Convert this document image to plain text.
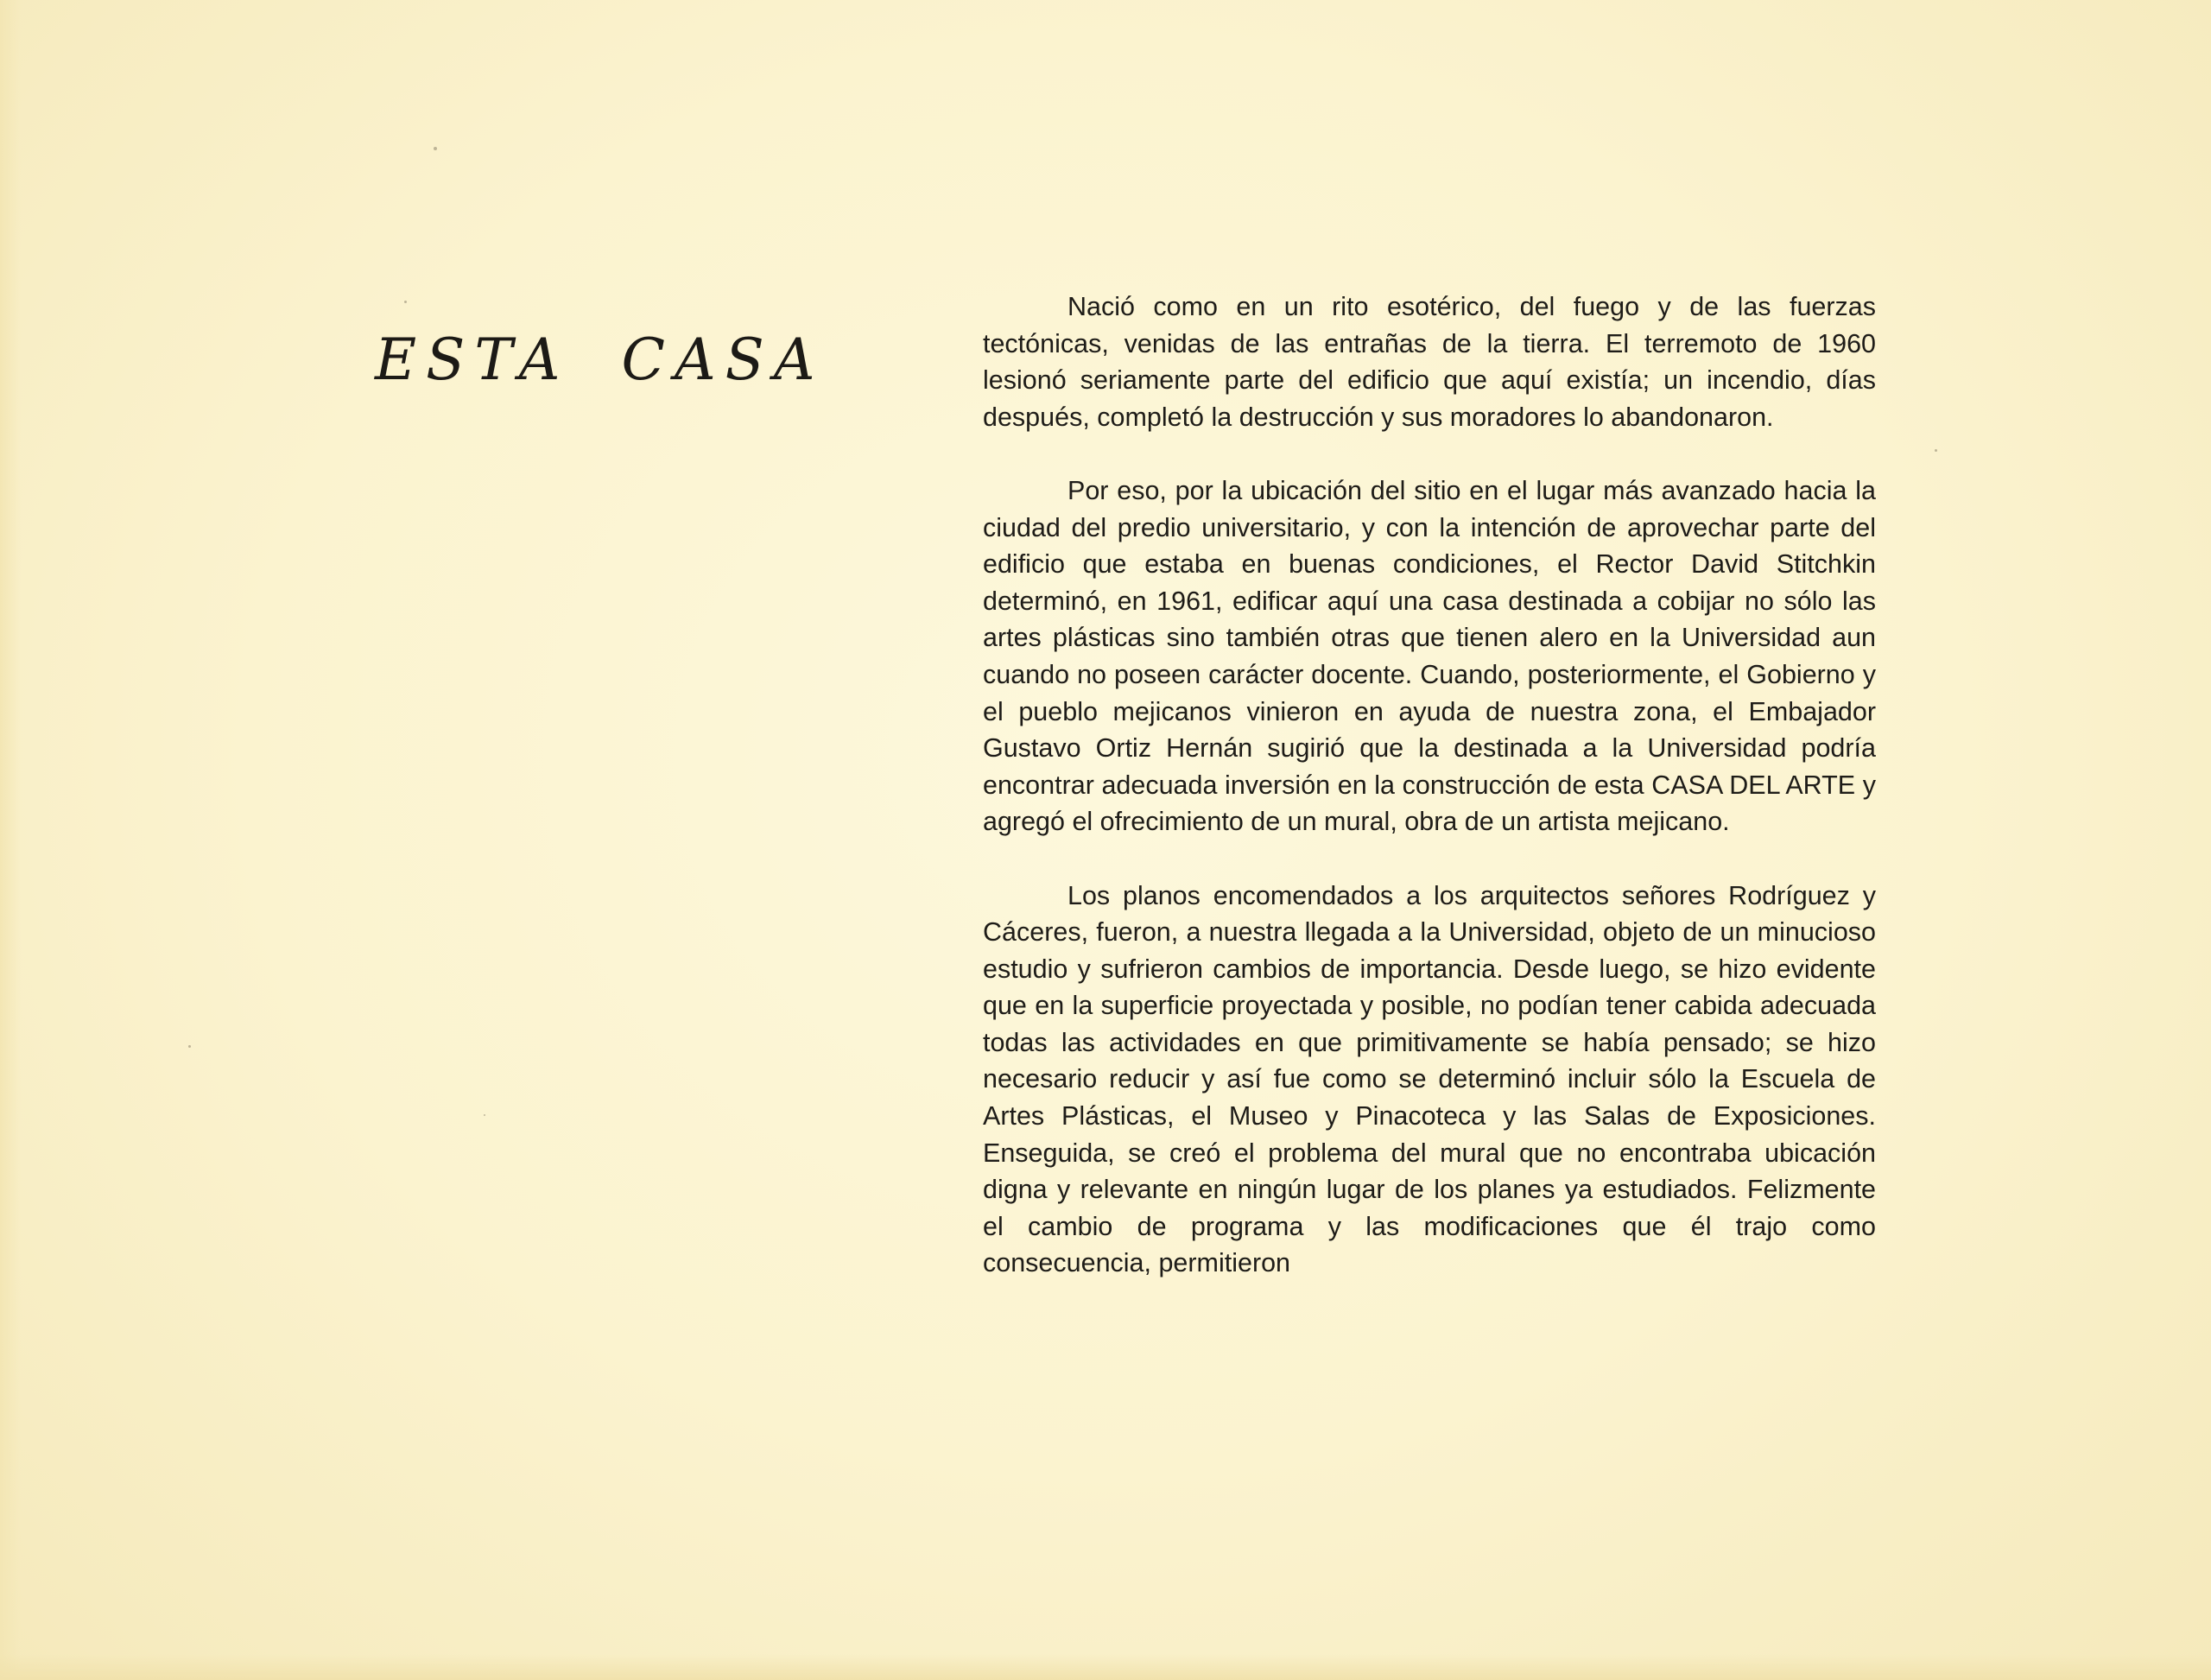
ESTA CASA

Nació como en un rito esotérico, del fuego y de las fuerzas tectónicas, venidas de las entrañas de la tierra. El terremoto de 1960 lesionó seriamente parte del edificio que aquí existía; un incendio, días después, completó la destrucción y sus moradores lo abandonaron.

Por eso, por la ubicación del sitio en el lugar más avanzado hacia la ciudad del predio universitario, y con la intención de aprovechar parte del edificio que estaba en buenas condiciones, el Rector David Stitchkin determinó, en 1961, edificar aquí una casa destinada a cobijar no sólo las artes plásticas sino también otras que tienen alero en la Universidad aun cuando no poseen carácter docente. Cuando, posteriormente, el Gobierno y el pueblo mejicanos vinieron en ayuda de nuestra zona, el Embajador Gustavo Ortiz Hernán sugirió que la destinada a la Universidad podría encontrar adecuada inversión en la construcción de esta CASA DEL ARTE y agregó el ofrecimiento de un mural, obra de un artista mejicano.

Los planos encomendados a los arquitectos señores Rodríguez y Cáceres, fueron, a nuestra llegada a la Universidad, objeto de un minucioso estudio y sufrieron cambios de importancia. Desde luego, se hizo evidente que en la superficie proyectada y posible, no podían tener cabida adecuada todas las actividades en que primitivamente se había pensado; se hizo necesario reducir y así fue como se determinó incluir sólo la Escuela de Artes Plásticas, el Museo y Pinacoteca y las Salas de Exposiciones. Enseguida, se creó el problema del mural que no encontraba ubicación digna y relevante en ningún lugar de los planes ya estudiados. Felizmente el cambio de programa y las modificaciones que él trajo como consecuencia, permitieron
